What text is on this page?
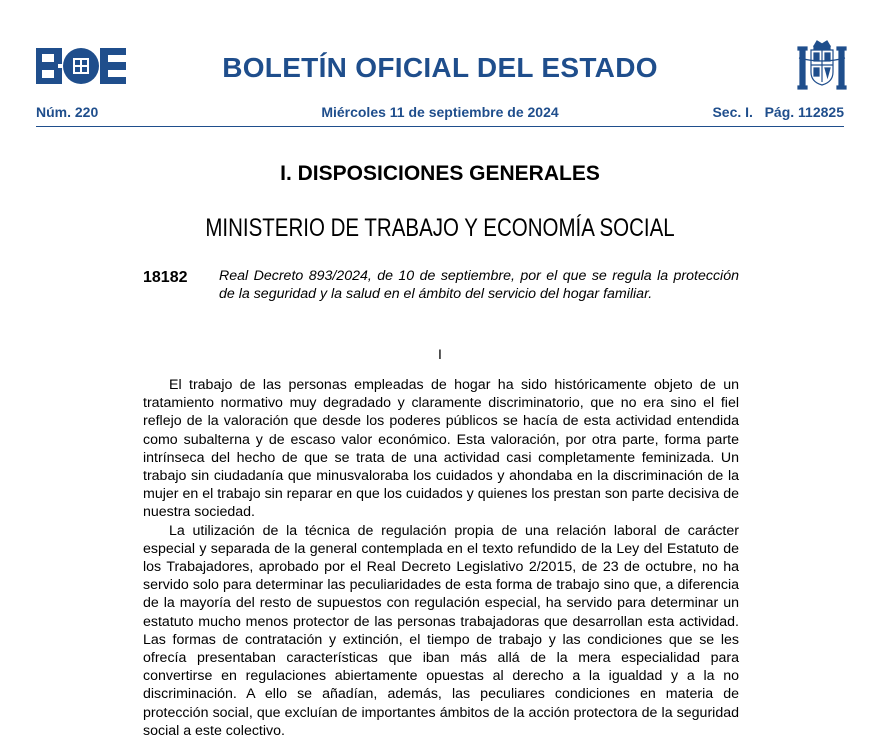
BOLETÍN OFICIAL DEL ESTADO
Núm. 220	Miércoles 11 de septiembre de 2024	Sec. I.   Pág. 112825
I. DISPOSICIONES GENERALES
MINISTERIO DE TRABAJO Y ECONOMÍA SOCIAL
18182 Real Decreto 893/2024, de 10 de septiembre, por el que se regula la protección de la seguridad y la salud en el ámbito del servicio del hogar familiar.
I

El trabajo de las personas empleadas de hogar ha sido históricamente objeto de un tratamiento normativo muy degradado y claramente discriminatorio, que no era sino el fiel reflejo de la valoración que desde los poderes públicos se hacía de esta actividad entendida como subalterna y de escaso valor económico. Esta valoración, por otra parte, forma parte intrínseca del hecho de que se trata de una actividad casi completamente feminizada. Un trabajo sin ciudadanía que minusvaloraba los cuidados y ahondaba en la discriminación de la mujer en el trabajo sin reparar en que los cuidados y quienes los prestan son parte decisiva de nuestra sociedad.

La utilización de la técnica de regulación propia de una relación laboral de carácter especial y separada de la general contemplada en el texto refundido de la Ley del Estatuto de los Trabajadores, aprobado por el Real Decreto Legislativo 2/2015, de 23 de octubre, no ha servido solo para determinar las peculiaridades de esta forma de trabajo sino que, a diferencia de la mayoría del resto de supuestos con regulación especial, ha servido para determinar un estatuto mucho menos protector de las personas trabajadoras que desarrollan esta actividad. Las formas de contratación y extinción, el tiempo de trabajo y las condiciones que se les ofrecía presentaban características que iban más allá de la mera especialidad para convertirse en regulaciones abiertamente opuestas al derecho a la igualdad y a la no discriminación. A ello se añadían, además, las peculiares condiciones en materia de protección social, que excluían de importantes ámbitos de la acción protectora de la seguridad social a este colectivo.
